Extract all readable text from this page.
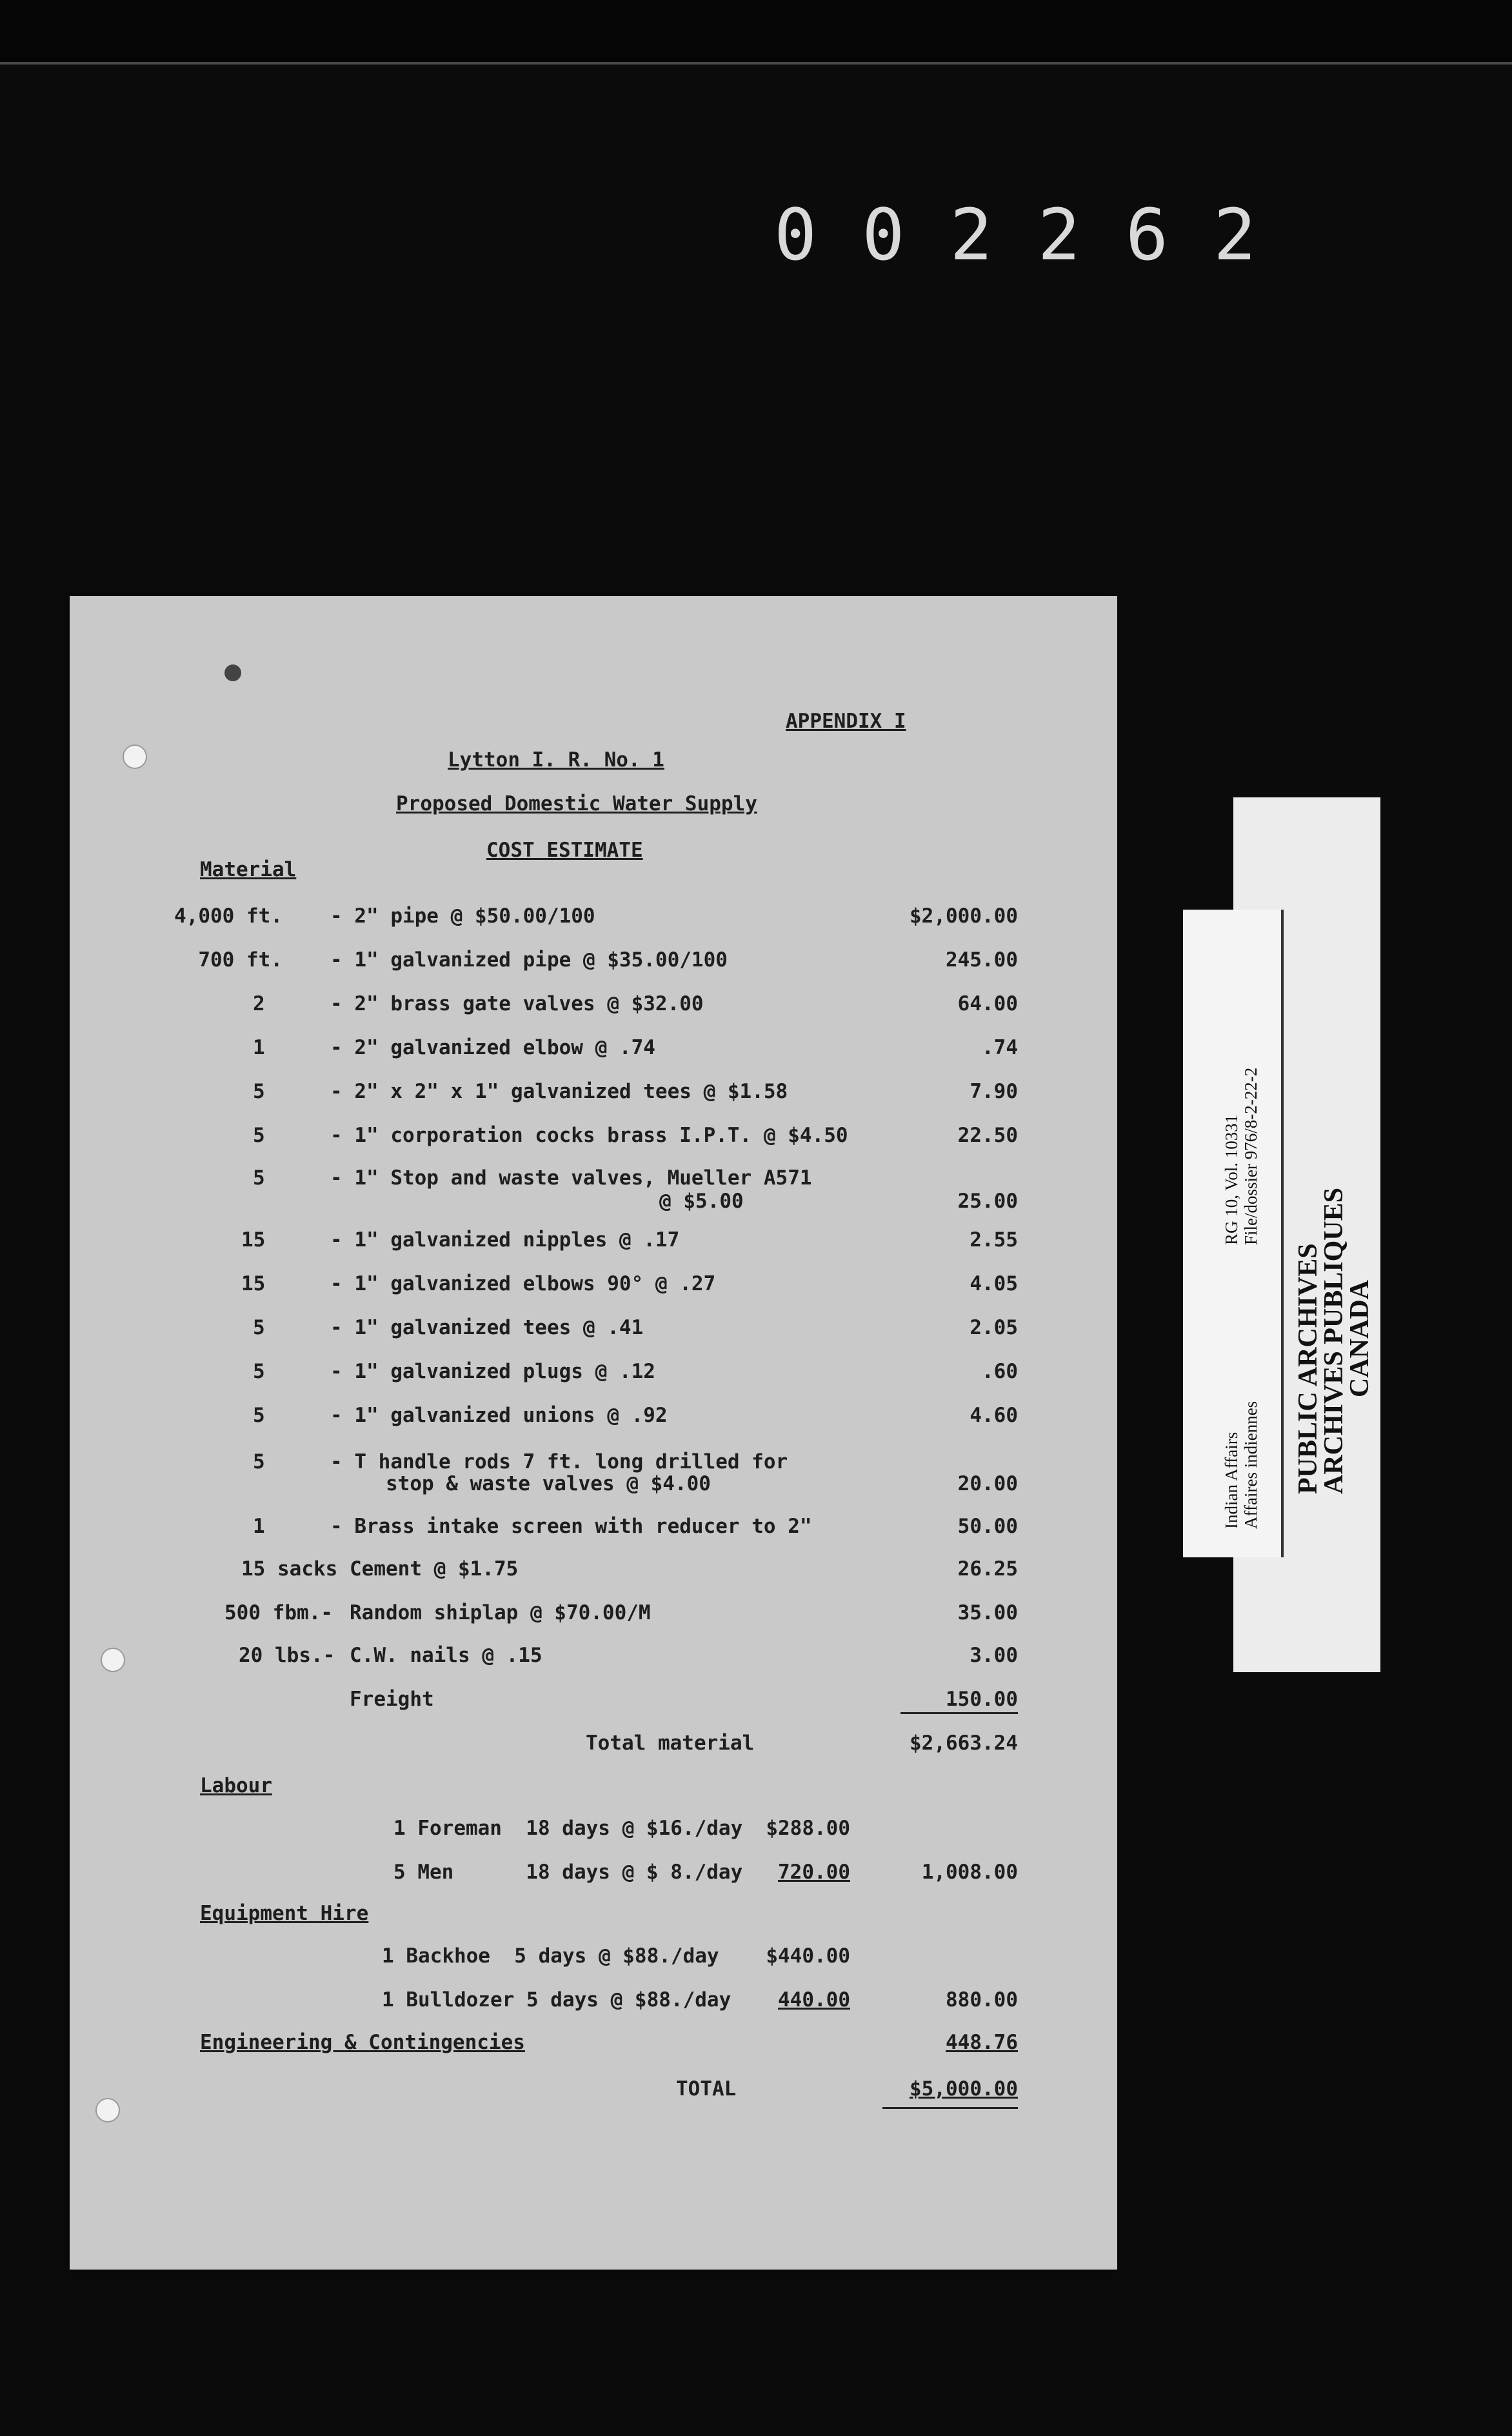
002262
APPENDIX I
Lytton I. R. No. 1
Proposed Domestic Water Supply
COST ESTIMATE
Material
4,000 ft. - 2" pipe @ $50.00/100	$2,000.00
700 ft. - 1" galvanized pipe @ $35.00/100	245.00
2	- 2" brass gate valves @ $32.00	64.00
1	- 2" galvanized elbow @ .74	.74
5	- 2" x 2" x 1" galvanized tees @ $1.58	7.90
5	- 1" corporation cocks brass I.P.T. @ $4.50	22.50
5	- 1" Stop and waste valves, Mueller A571
@ $5.00	25.00
15	- 1" galvanized nipples @ .17	2.55
15	- 1" galvanized elbows 90° @ .27	4.05
5	- 1" galvanized tees @ .41	2.05
5	- 1" galvanized plugs @ .12	.60
5	- 1" galvanized unions @ .92	4.60
5	- T handle rods 7 ft. long drilled for
stop & waste valves @ $4.00	20.00
1	- Brass intake screen with reducer to 2"	50.00
15 sacks Cement @ $1.75	26.25
500 fbm.- Random shiplap @ $70.00/M	35.00
20 lbs.- C.W. nails @ .15	3.00
Freight	150.00
Total material	$2,663.24
Labour
1 Foreman  18 days @ $16./day	$288.00
5 Men      18 days @ $ 8./day	720.00	1,008.00
Equipment Hire
1 Backhoe  5 days @ $88./day	$440.00
1 Bulldozer 5 days @ $88./day	440.00	880.00
Engineering & Contingencies	448.76
TOTAL	$5,000.00
PUBLIC ARCHIVES
ARCHIVES PUBLIQUES
CANADA
RG 10, Vol. 10331 File/dossier 976/8-2-22-2
Indian Affairs Affaires indiennes
